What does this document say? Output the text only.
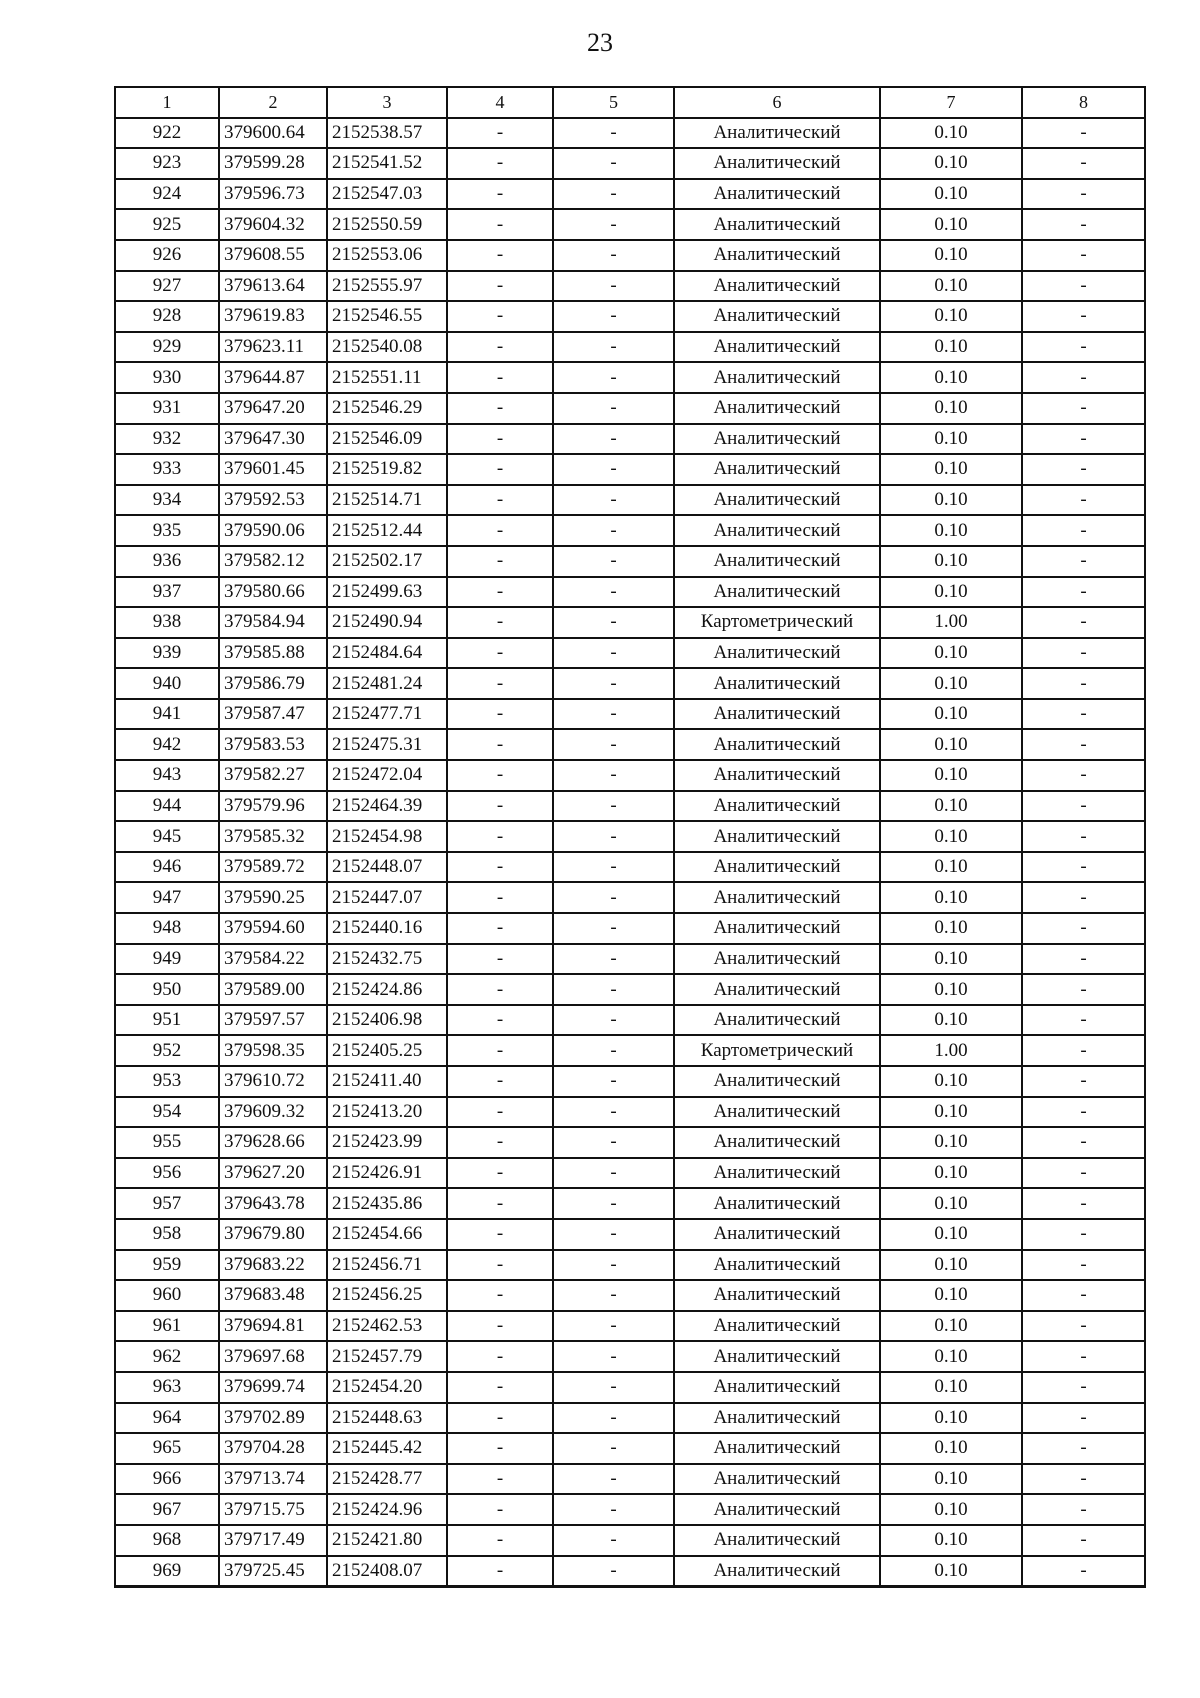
23
1	2	3	4	5	6	7	8
922	379600.64	2152538.57	-	-	Аналитический	0.10	-
923	379599.28	2152541.52	-	-	Аналитический	0.10	-
924	379596.73	2152547.03	-	-	Аналитический	0.10	-
925	379604.32	2152550.59	-	-	Аналитический	0.10	-
926	379608.55	2152553.06	-	-	Аналитический	0.10	-
927	379613.64	2152555.97	-	-	Аналитический	0.10	-
928	379619.83	2152546.55	-	-	Аналитический	0.10	-
929	379623.11	2152540.08	-	-	Аналитический	0.10	-
930	379644.87	2152551.11	-	-	Аналитический	0.10	-
931	379647.20	2152546.29	-	-	Аналитический	0.10	-
932	379647.30	2152546.09	-	-	Аналитический	0.10	-
933	379601.45	2152519.82	-	-	Аналитический	0.10	-
934	379592.53	2152514.71	-	-	Аналитический	0.10	-
935	379590.06	2152512.44	-	-	Аналитический	0.10	-
936	379582.12	2152502.17	-	-	Аналитический	0.10	-
937	379580.66	2152499.63	-	-	Аналитический	0.10	-
938	379584.94	2152490.94	-	-	Картометрический	1.00	-
939	379585.88	2152484.64	-	-	Аналитический	0.10	-
940	379586.79	2152481.24	-	-	Аналитический	0.10	-
941	379587.47	2152477.71	-	-	Аналитический	0.10	-
942	379583.53	2152475.31	-	-	Аналитический	0.10	-
943	379582.27	2152472.04	-	-	Аналитический	0.10	-
944	379579.96	2152464.39	-	-	Аналитический	0.10	-
945	379585.32	2152454.98	-	-	Аналитический	0.10	-
946	379589.72	2152448.07	-	-	Аналитический	0.10	-
947	379590.25	2152447.07	-	-	Аналитический	0.10	-
948	379594.60	2152440.16	-	-	Аналитический	0.10	-
949	379584.22	2152432.75	-	-	Аналитический	0.10	-
950	379589.00	2152424.86	-	-	Аналитический	0.10	-
951	379597.57	2152406.98	-	-	Аналитический	0.10	-
952	379598.35	2152405.25	-	-	Картометрический	1.00	-
953	379610.72	2152411.40	-	-	Аналитический	0.10	-
954	379609.32	2152413.20	-	-	Аналитический	0.10	-
955	379628.66	2152423.99	-	-	Аналитический	0.10	-
956	379627.20	2152426.91	-	-	Аналитический	0.10	-
957	379643.78	2152435.86	-	-	Аналитический	0.10	-
958	379679.80	2152454.66	-	-	Аналитический	0.10	-
959	379683.22	2152456.71	-	-	Аналитический	0.10	-
960	379683.48	2152456.25	-	-	Аналитический	0.10	-
961	379694.81	2152462.53	-	-	Аналитический	0.10	-
962	379697.68	2152457.79	-	-	Аналитический	0.10	-
963	379699.74	2152454.20	-	-	Аналитический	0.10	-
964	379702.89	2152448.63	-	-	Аналитический	0.10	-
965	379704.28	2152445.42	-	-	Аналитический	0.10	-
966	379713.74	2152428.77	-	-	Аналитический	0.10	-
967	379715.75	2152424.96	-	-	Аналитический	0.10	-
968	379717.49	2152421.80	-	-	Аналитический	0.10	-
969	379725.45	2152408.07	-	-	Аналитический	0.10	-
